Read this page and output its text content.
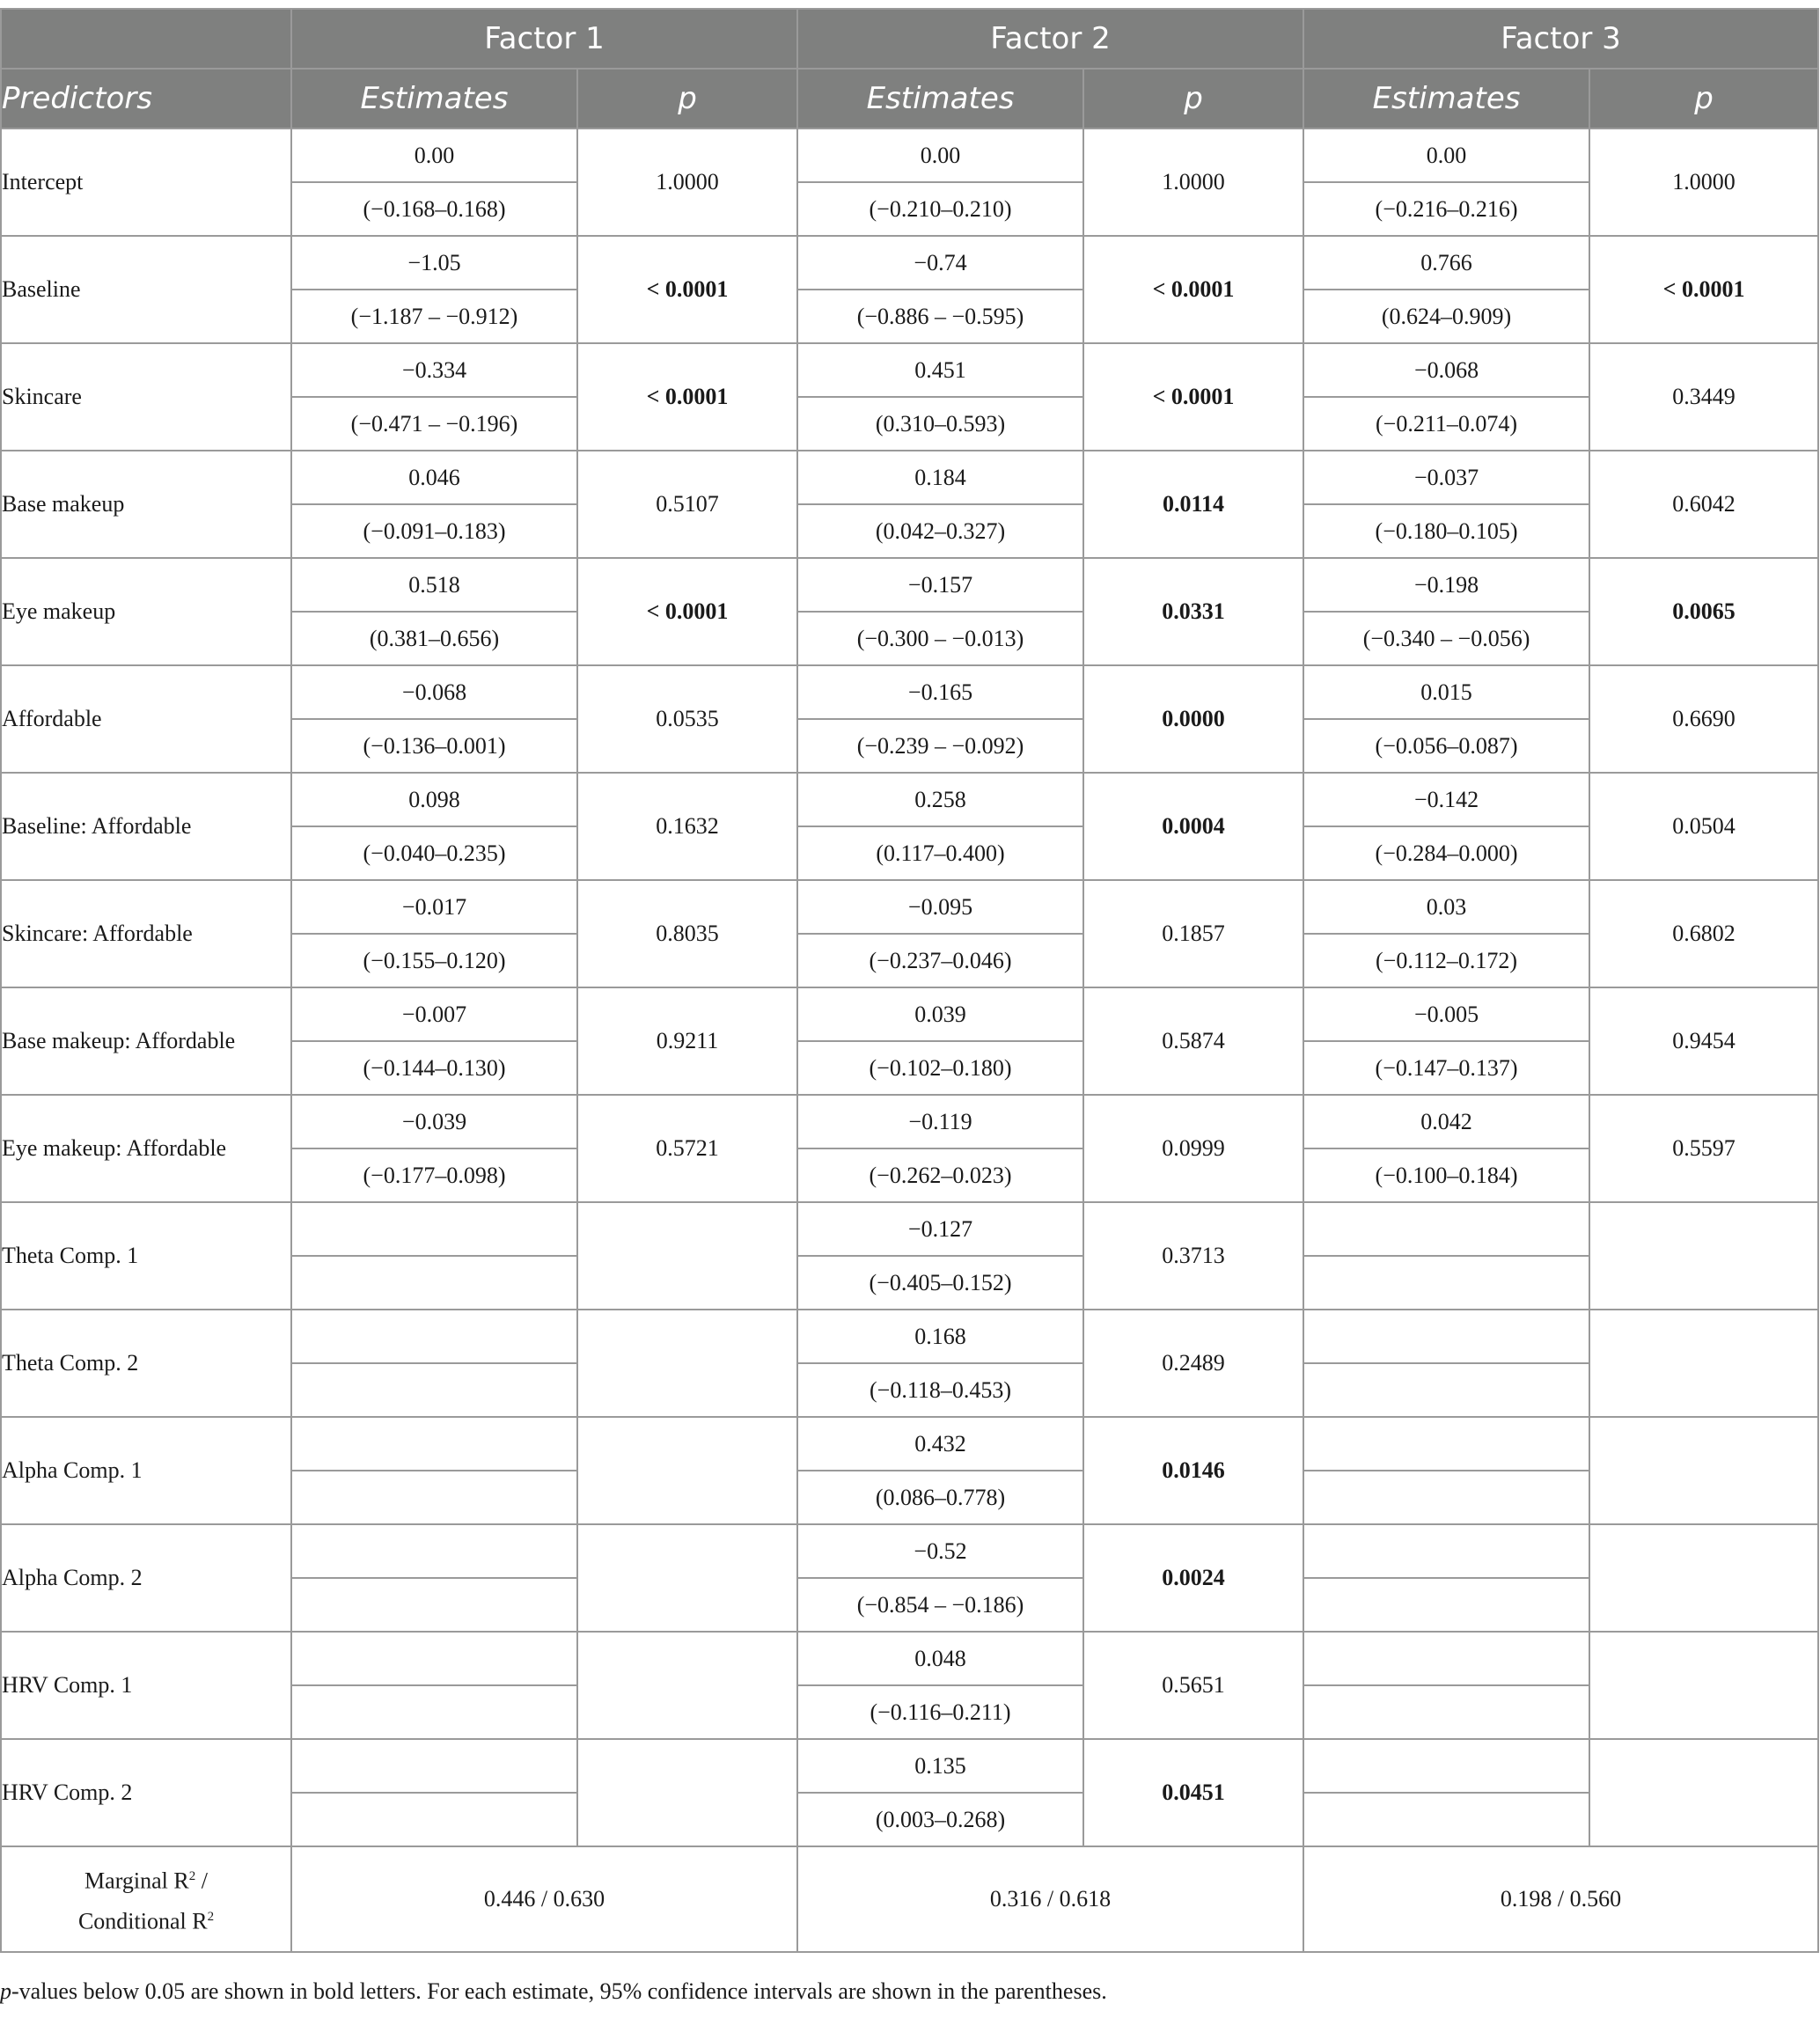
	Factor 1		Factor 2		Factor 3	
Predictors	Estimates	p	Estimates	p	Estimates	p
Intercept	0.00	1.0000	0.00	1.0000	0.00	1.0000
	(−0.168–0.168)		(−0.210–0.210)		(−0.216–0.216)	
Baseline	−1.05	< 0.0001	−0.74	< 0.0001	0.766	< 0.0001
	(−1.187 – −0.912)		(−0.886 – −0.595)		(0.624–0.909)	
Skincare	−0.334	< 0.0001	0.451	< 0.0001	−0.068	0.3449
	(−0.471 – −0.196)		(0.310–0.593)		(−0.211–0.074)	
Base makeup	0.046	0.5107	0.184	0.0114	−0.037	0.6042
	(−0.091–0.183)		(0.042–0.327)		(−0.180–0.105)	
Eye makeup	0.518	< 0.0001	−0.157	0.0331	−0.198	0.0065
	(0.381–0.656)		(−0.300 – −0.013)		(−0.340 – −0.056)	
Affordable	−0.068	0.0535	−0.165	0.0000	0.015	0.6690
	(−0.136–0.001)		(−0.239 – −0.092)		(−0.056–0.087)	
Baseline: Affordable	0.098	0.1632	0.258	0.0004	−0.142	0.0504
	(−0.040–0.235)		(0.117–0.400)		(−0.284–0.000)	
Skincare: Affordable	−0.017	0.8035	−0.095	0.1857	0.03	0.6802
	(−0.155–0.120)		(−0.237–0.046)		(−0.112–0.172)	
Base makeup: Affordable	−0.007	0.9211	0.039	0.5874	−0.005	0.9454
	(−0.144–0.130)		(−0.102–0.180)		(−0.147–0.137)	
Eye makeup: Affordable	−0.039	0.5721	−0.119	0.0999	0.042	0.5597
	(−0.177–0.098)		(−0.262–0.023)		(−0.100–0.184)	
Theta Comp. 1			−0.127	0.3713		
			(−0.405–0.152)			
Theta Comp. 2			0.168	0.2489		
			(−0.118–0.453)			
Alpha Comp. 1			0.432	0.0146		
			(0.086–0.778)			
Alpha Comp. 2			−0.52	0.0024		
			(−0.854 – −0.186)			
HRV Comp. 1			0.048	0.5651		
			(−0.116–0.211)			
HRV Comp. 2			0.135	0.0451		
			(0.003–0.268)			
Marginal $R^2$ /
Conditional $R^2$	0.446 / 0.630		0.316 / 0.618		0.198 / 0.560	
p-values below 0.05 are shown in bold letters. For each estimate, 95% confidence intervals are shown in the parentheses.
